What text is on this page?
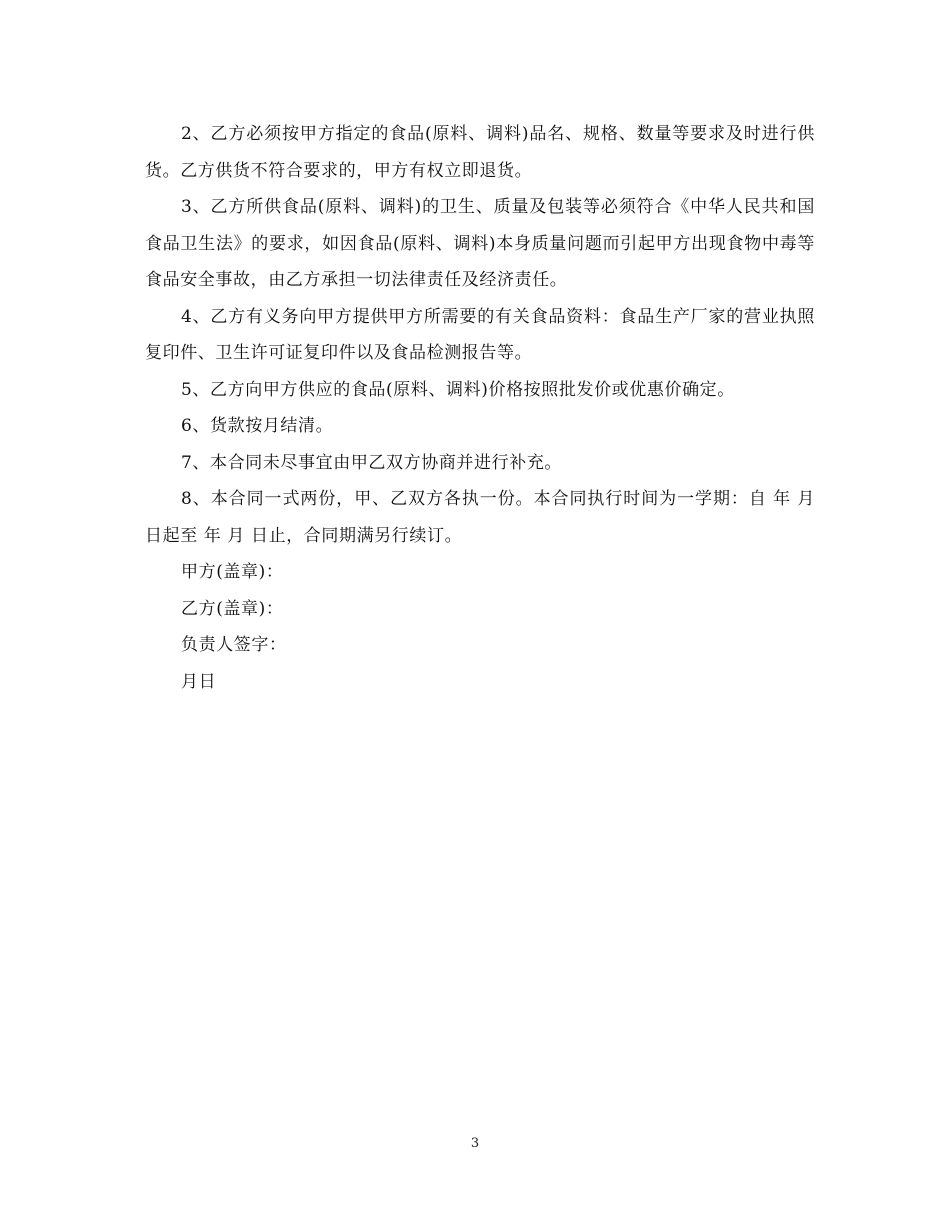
2、乙方必须按甲方指定的食品(原料、调料)品名、规格、数量等要求及时进行供货。乙方供货不符合要求的，甲方有权立即退货。

3、乙方所供食品(原料、调料)的卫生、质量及包装等必须符合《中华人民共和国食品卫生法》的要求，如因食品(原料、调料)本身质量问题而引起甲方出现食物中毒等食品安全事故，由乙方承担一切法律责任及经济责任。

4、乙方有义务向甲方提供甲方所需要的有关食品资料：食品生产厂家的营业执照复印件、卫生许可证复印件以及食品检测报告等。

5、乙方向甲方供应的食品(原料、调料)价格按照批发价或优惠价确定。

6、货款按月结清。

7、本合同未尽事宜由甲乙双方协商并进行补充。

8、本合同一式两份，甲、乙双方各执一份。本合同执行时间为一学期：自 年 月 日起至 年 月 日止，合同期满另行续订。

甲方(盖章)：

乙方(盖章)：

负责人签字：

月日

3
